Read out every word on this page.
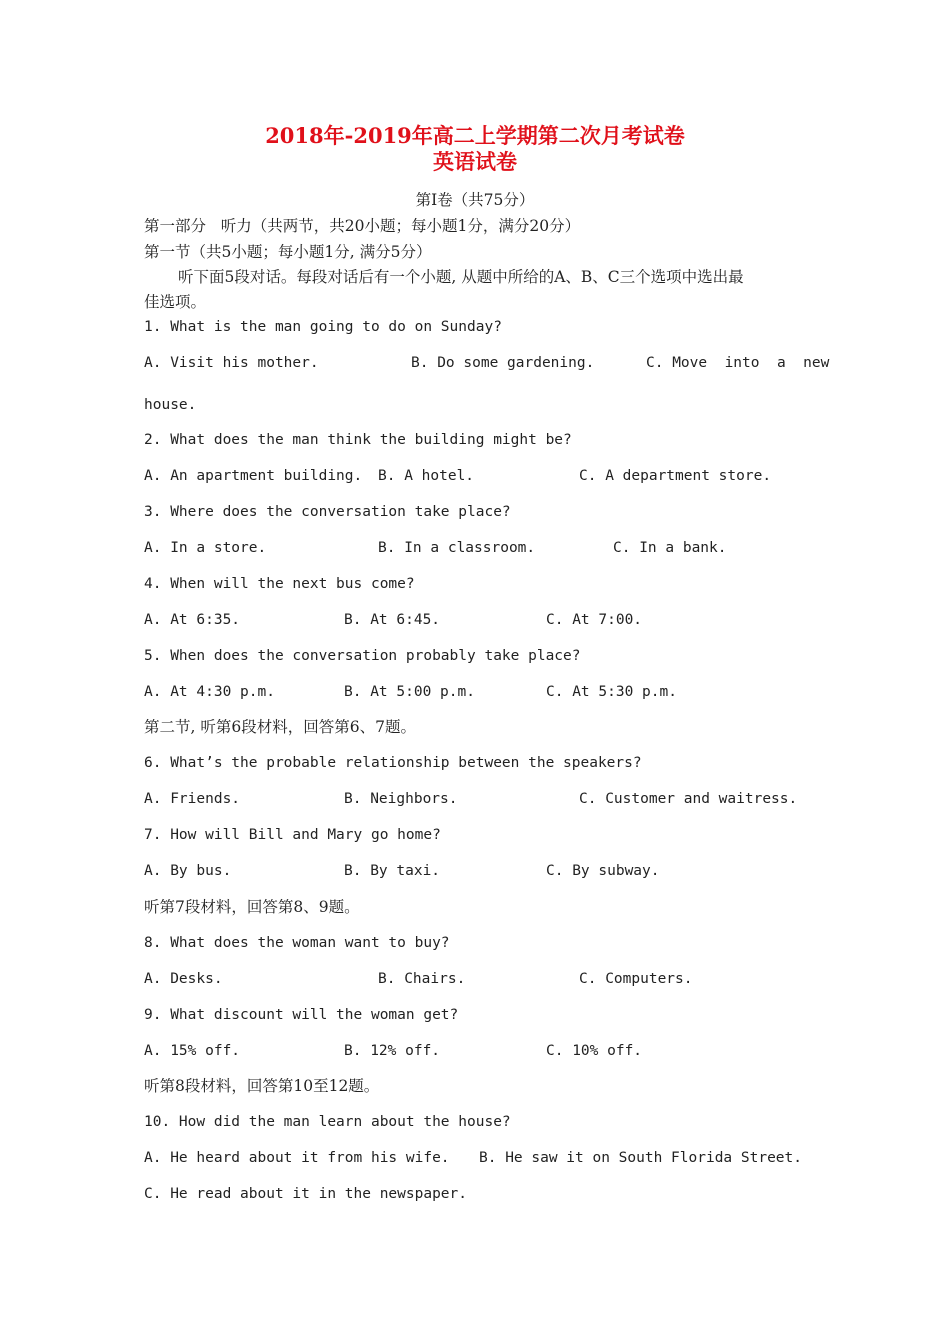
2018年-2019年高二上学期第二次月考试卷
英语试卷
第Ⅰ卷（共75分）
第一部分   听力（共两节，共20小题；每小题1分，满分20分）
第一节（共5小题；每小题1分, 满分5分）
听下面5段对话。每段对话后有一个小题, 从题中所给的A、B、C三个选项中选出最
佳选项。
1. What is the man going to do on Sunday?
A. Visit his mother.	B. Do some gardening.	C. Move  into  a  new
house.
2. What does the man think the building might be?
A. An apartment building. B. A hotel.	C. A department store.
3. Where does the conversation take place?
A. In a store.	B. In a classroom.	C. In a bank.
4. When will the next bus come?
A. At 6:35.	B. At 6:45.	C. At 7:00.
5. When does the conversation probably take place?
A. At 4:30 p.m.	B. At 5:00 p.m.	C. At 5:30 p.m.
第二节, 听第6段材料，回答第6、7题。
6. What’s the probable relationship between the speakers?
A. Friends.	B. Neighbors.	C. Customer and waitress.
7. How will Bill and Mary go home?
A. By bus.	B. By taxi.	C. By subway.
听第7段材料，回答第8、9题。
8. What does the woman want to buy?
A. Desks.	B. Chairs.	C. Computers.
9. What discount will the woman get?
A. 15% off.	B. 12% off.	C. 10% off.
听第8段材料，回答第10至12题。
10. How did the man learn about the house?
A. He heard about it from his wife. B. He saw it on South Florida Street.
C. He read about it in the newspaper.
